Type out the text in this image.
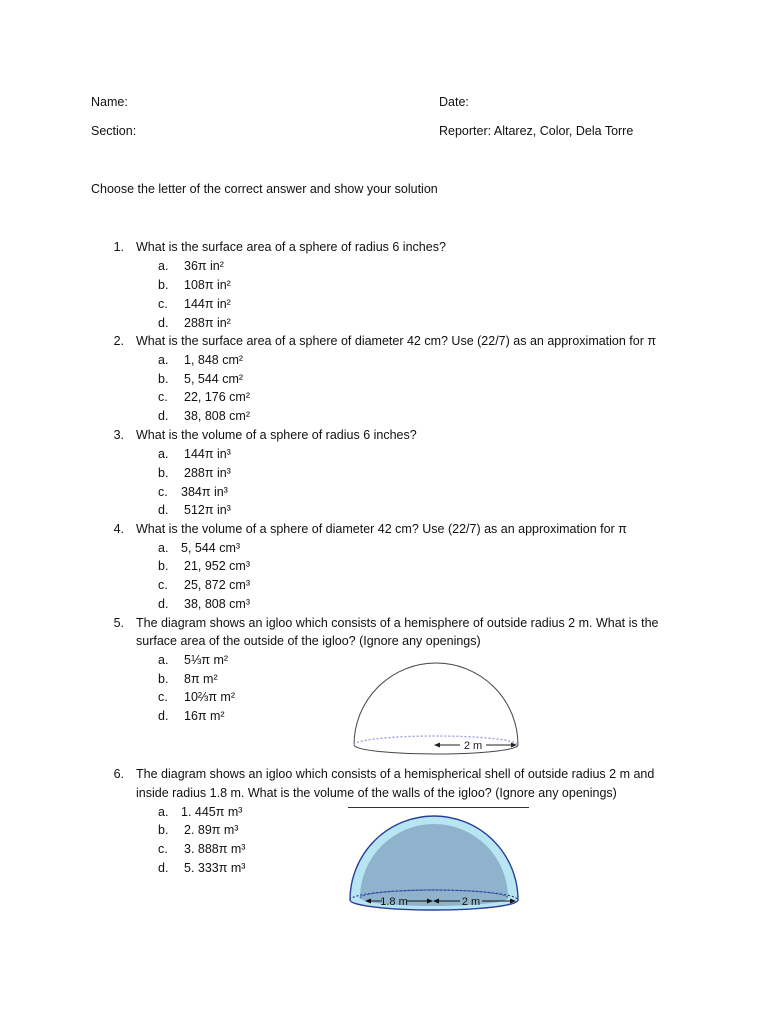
Name:	Date:
Section:	Reporter: Altarez, Color, Dela Torre
Choose the letter of the correct answer and show your solution
1. What is the surface area of a sphere of radius 6 inches?
a. 36π in²
b. 108π in²
c. 144π in²
d. 288π in²
2. What is the surface area of a sphere of diameter 42 cm? Use (22/7) as an approximation for π
a. 1, 848 cm²
b. 5, 544 cm²
c. 22, 176 cm²
d. 38, 808 cm²
3. What is the volume of a sphere of radius 6 inches?
a. 144π in³
b. 288π in³
c. 384π in³
d. 512π in³
4. What is the volume of a sphere of diameter 42 cm? Use (22/7) as an approximation for π
a. 5, 544 cm³
b. 21, 952 cm³
c. 25, 872 cm³
d. 38, 808 cm³
5. The diagram shows an igloo which consists of a hemisphere of outside radius 2 m. What is the
surface area of the outside of the igloo? (Ignore any openings)
a. 5⅓π m²
b. 8π m²
c. 10⅔π m²
d. 16π m²
2 m
6. The diagram shows an igloo which consists of a hemispherical shell of outside radius 2 m and
inside radius 1.8 m. What is the volume of the walls of the igloo? (Ignore any openings)
a. 1. 445π m³
b. 2. 89π m³
c. 3. 888π m³
d. 5. 333π m³
1.8 m	2 m
